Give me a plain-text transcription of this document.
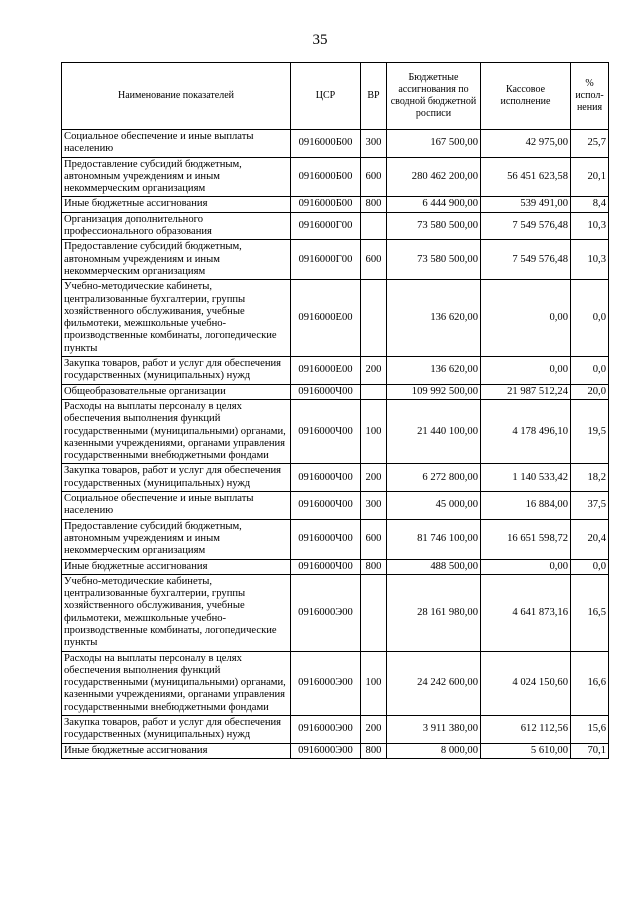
35
Наименование показателей	ЦСР	ВР	Бюджетные ассигнования по сводной бюджетной росписи	Кассовое исполнение	% испол-нения
Социальное обеспечение и иные выплаты населению	0916000Б00	300	167 500,00	42 975,00	25,7
Предоставление субсидий бюджетным, автономным учреждениям и иным некоммерческим организациям	0916000Б00	600	280 462 200,00	56 451 623,58	20,1
Иные бюджетные ассигнования	0916000Б00	800	6 444 900,00	539 491,00	8,4
Организация дополнительного профессионального образования	0916000Г00		73 580 500,00	7 549 576,48	10,3
Предоставление субсидий бюджетным, автономным учреждениям и иным некоммерческим организациям	0916000Г00	600	73 580 500,00	7 549 576,48	10,3
Учебно-методические кабинеты, централизованные бухгалтерии, группы хозяйственного обслуживания, учебные фильмотеки, межшкольные учебно-производственные комбинаты, логопедические пункты	0916000Е00		136 620,00	0,00	0,0
Закупка товаров, работ и услуг для обеспечения государственных (муниципальных) нужд	0916000Е00	200	136 620,00	0,00	0,0
Общеобразовательные организации	0916000Ч00		109 992 500,00	21 987 512,24	20,0
Расходы на выплаты персоналу в целях обеспечения выполнения функций государственными (муниципальными) органами, казенными учреждениями, органами управления государственными внебюджетными фондами	0916000Ч00	100	21 440 100,00	4 178 496,10	19,5
Закупка товаров, работ и услуг для обеспечения государственных (муниципальных) нужд	0916000Ч00	200	6 272 800,00	1 140 533,42	18,2
Социальное обеспечение и иные выплаты населению	0916000Ч00	300	45 000,00	16 884,00	37,5
Предоставление субсидий бюджетным, автономным учреждениям и иным некоммерческим организациям	0916000Ч00	600	81 746 100,00	16 651 598,72	20,4
Иные бюджетные ассигнования	0916000Ч00	800	488 500,00	0,00	0,0
Учебно-методические кабинеты, централизованные бухгалтерии, группы хозяйственного обслуживания, учебные фильмотеки, межшкольные учебно-производственные комбинаты, логопедические пункты	0916000Э00		28 161 980,00	4 641 873,16	16,5
Расходы на выплаты персоналу в целях обеспечения выполнения функций государственными (муниципальными) органами, казенными учреждениями, органами управления государственными внебюджетными фондами	0916000Э00	100	24 242 600,00	4 024 150,60	16,6
Закупка товаров, работ и услуг для обеспечения государственных (муниципальных) нужд	0916000Э00	200	3 911 380,00	612 112,56	15,6
Иные бюджетные ассигнования	0916000Э00	800	8 000,00	5 610,00	70,1
